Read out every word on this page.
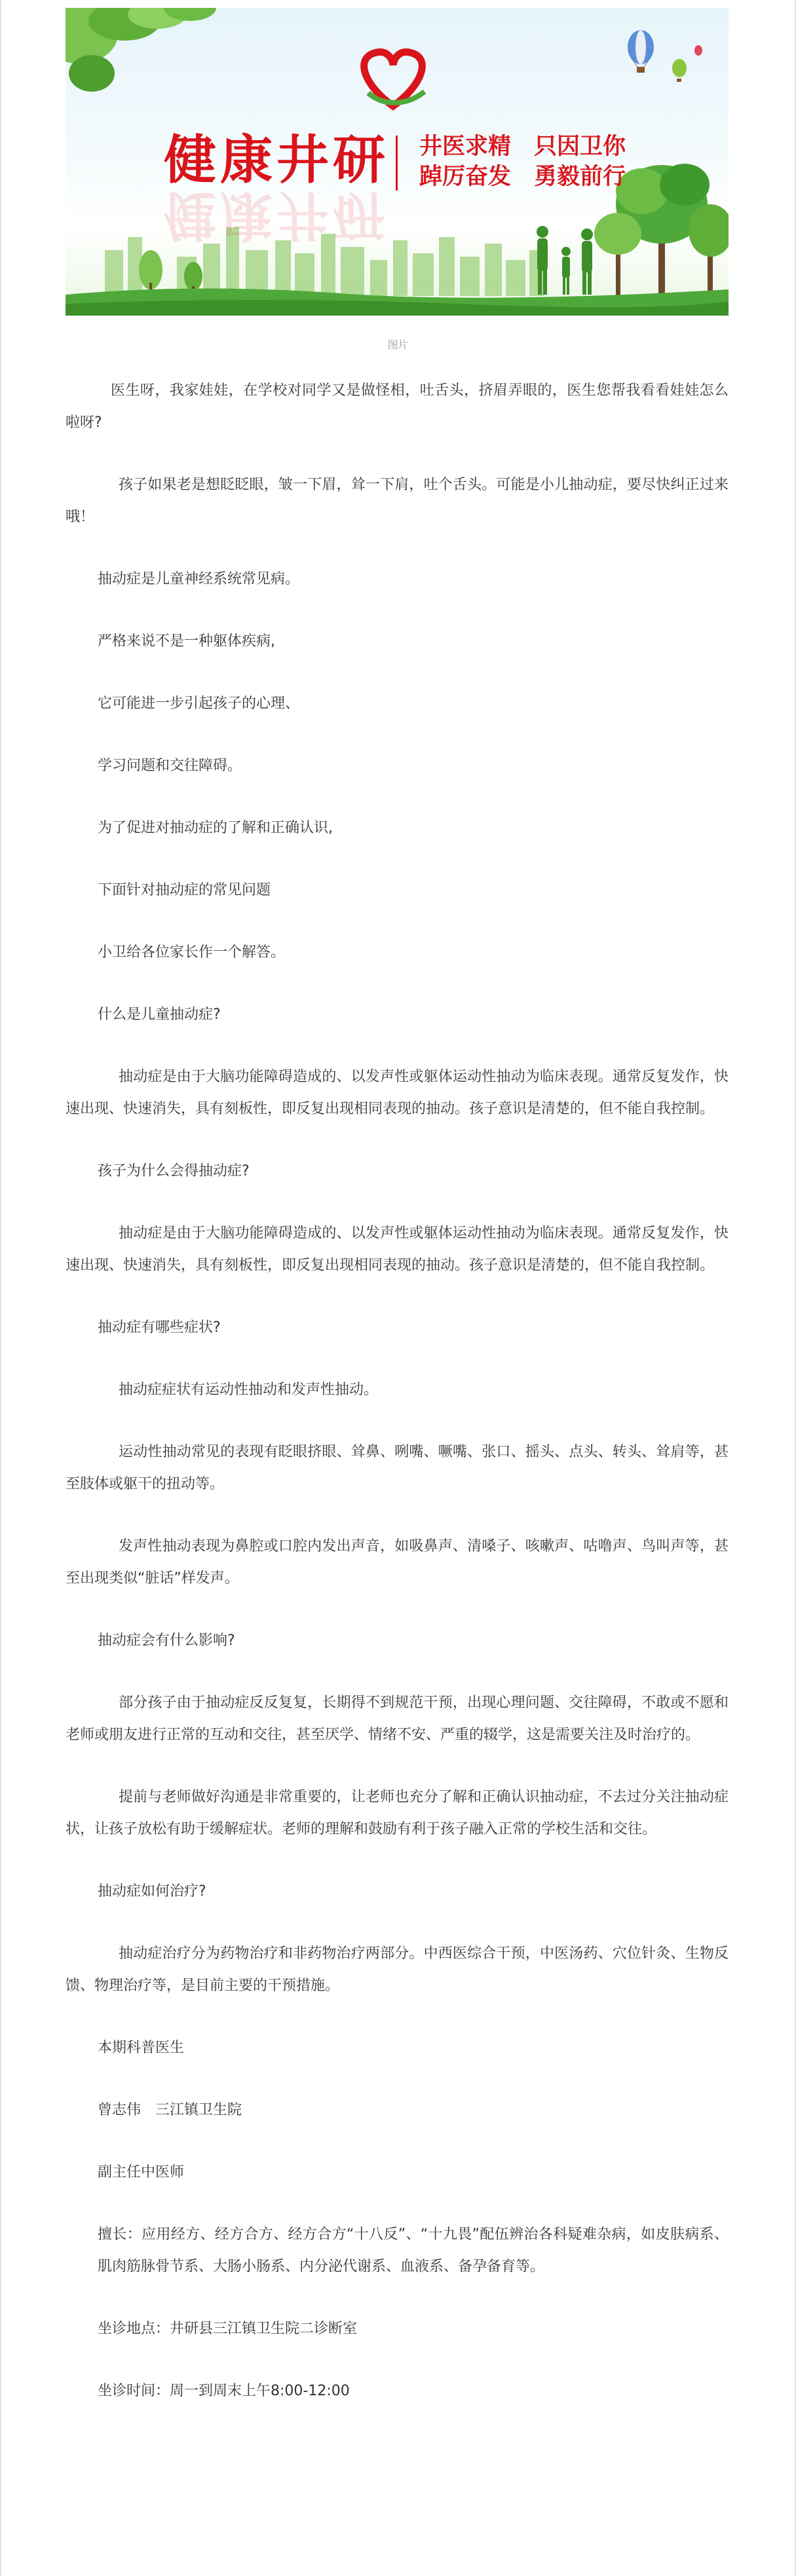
健康井研
健康井研
井医求精　只因卫你
踔厉奋发　勇毅前行
图片

医生呀，我家娃娃，在学校对同学又是做怪相，吐舌头，挤眉弄眼的，医生您帮我看看娃娃怎么啦呀?

孩子如果老是想眨眨眼，皱一下眉，耸一下肩，吐个舌头。可能是小儿抽动症，要尽快纠正过来哦！

抽动症是儿童神经系统常见病。

严格来说不是一种躯体疾病,

它可能进一步引起孩子的心理、

学习问题和交往障碍。

为了促进对抽动症的了解和正确认识,

下面针对抽动症的常见问题

小卫给各位家长作一个解答。

什么是儿童抽动症?

抽动症是由于大脑功能障碍造成的、以发声性或躯体运动性抽动为临床表现。通常反复发作，快速出现、快速消失，具有刻板性，即反复出现相同表现的抽动。孩子意识是清楚的，但不能自我控制。

孩子为什么会得抽动症?

抽动症是由于大脑功能障碍造成的、以发声性或躯体运动性抽动为临床表现。通常反复发作，快速出现、快速消失，具有刻板性，即反复出现相同表现的抽动。孩子意识是清楚的，但不能自我控制。

抽动症有哪些症状?

抽动症症状有运动性抽动和发声性抽动。

运动性抽动常见的表现有眨眼挤眼、耸鼻、咧嘴、噘嘴、张口、摇头、点头、转头、耸肩等，甚至肢体或躯干的扭动等。

发声性抽动表现为鼻腔或口腔内发出声音，如吸鼻声、清嗓子、咳嗽声、咕噜声、鸟叫声等，甚至出现类似“脏话”样发声。

抽动症会有什么影响?

部分孩子由于抽动症反反复复，长期得不到规范干预，出现心理问题、交往障碍，不敢或不愿和老师或朋友进行正常的互动和交往，甚至厌学、情绪不安、严重的辍学，这是需要关注及时治疗的。

提前与老师做好沟通是非常重要的，让老师也充分了解和正确认识抽动症，不去过分关注抽动症状，让孩子放松有助于缓解症状。老师的理解和鼓励有利于孩子融入正常的学校生活和交往。

抽动症如何治疗?

抽动症治疗分为药物治疗和非药物治疗两部分。中西医综合干预，中医汤药、穴位针灸、生物反馈、物理治疗等，是目前主要的干预措施。

本期科普医生

曾志伟　三江镇卫生院

副主任中医师

擅长：应用经方、经方合方、经方合方“十八反”、“十九畏”配伍辨治各科疑难杂病，如皮肤病系、肌肉筋脉骨节系、大肠小肠系、内分泌代谢系、血液系、备孕备育等。

坐诊地点：井研县三江镇卫生院二诊断室

坐诊时间：周一到周末上午8:00-12:00
